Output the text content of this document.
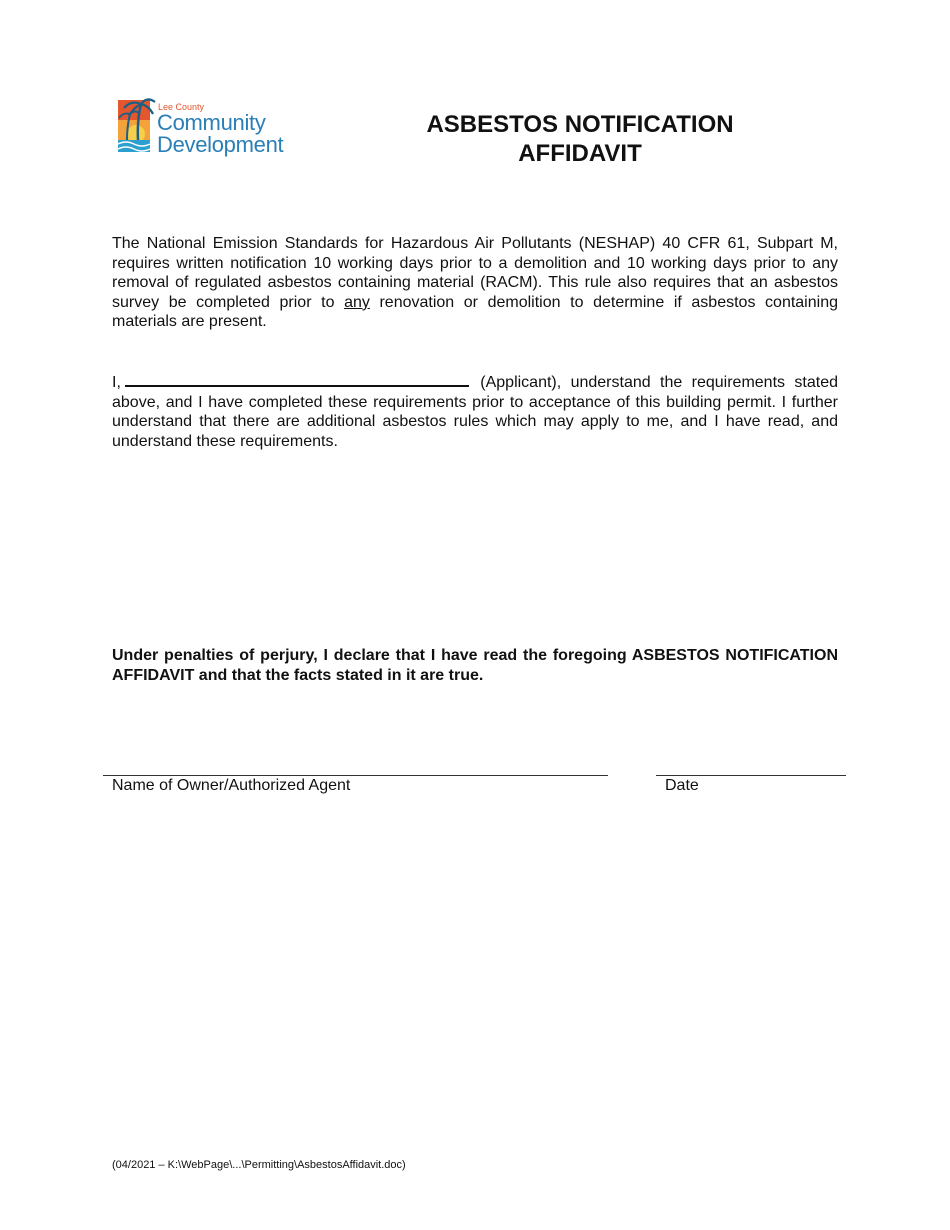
Lee County
Community
Development
ASBESTOS NOTIFICATION
AFFIDAVIT

The National Emission Standards for Hazardous Air Pollutants (NESHAP) 40 CFR 61, Subpart M, requires written notification 10 working days prior to a demolition and 10 working days prior to any removal of regulated asbestos containing material (RACM). This rule also requires that an asbestos survey be completed prior to any renovation or demolition to determine if asbestos containing materials are present.

I,	(Applicant), understand the requirements stated above, and I have completed these requirements prior to acceptance of this building permit. I further understand that there are additional asbestos rules which may apply to me, and I have read, and understand these requirements.

Under penalties of perjury, I declare that I have read the foregoing ASBESTOS NOTIFICATION AFFIDAVIT and that the facts stated in it are true.

Name of Owner/Authorized Agent	Date
(04/2021 – K:\WebPage\...\Permitting\AsbestosAffidavit.doc)
